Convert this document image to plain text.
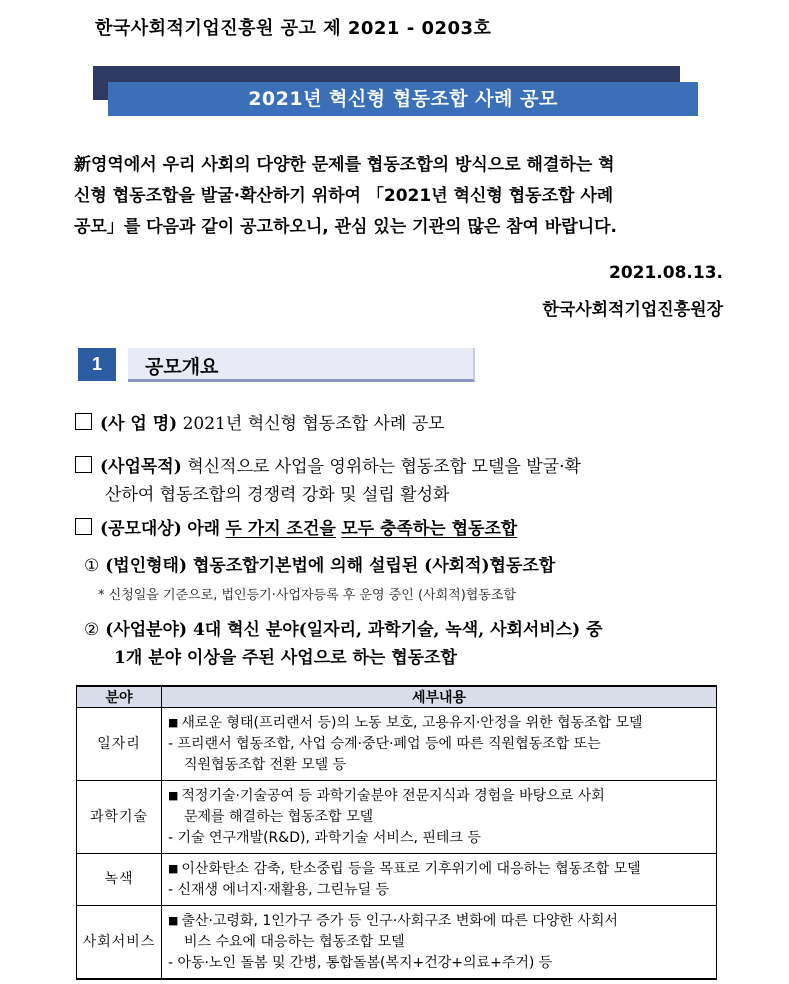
한국사회적기업진흥원 공고 제 2021 - 0203호
2021년 혁신형 협동조합 사례 공모

新영역에서 우리 사회의 다양한 문제를 협동조합의 방식으로 해결하는 혁

신형 협동조합을 발굴·확산하기 위하여 「2021년 혁신형 협동조합 사례

공모」를 다음과 같이 공고하오니, 관심 있는 기관의 많은 참여 바랍니다.

2021.08.13.
한국사회적기업진흥원장
1	공모개요
(사 업 명) 2021년 혁신형 협동조합 사례 공모
(사업목적) 혁신적으로 사업을 영위하는 협동조합 모델을 발굴·확
산하여 협동조합의 경쟁력 강화 및 설립 활성화
(공모대상) 아래 두 가지 조건을 모두 충족하는 협동조합
① (법인형태) 협동조합기본법에 의해 설립된 (사회적)협동조합
* 신청일을 기준으로, 법인등기·사업자등록 후 운영 중인 (사회적)협동조합
② (사업분야) 4대 혁신 분야(일자리, 과학기술, 녹색, 사회서비스) 중
1개 분야 이상을 주된 사업으로 하는 협동조합
분야	세부내용
일자리	■ 새로운 형태(프리랜서 등)의 노동 보호, 고용유지·안정을 위한 협동조합 모델
- 프리랜서 협동조합, 사업 승계·중단·폐업 등에 따른 직원협동조합 또는
직원협동조합 전환 모델 등

과학기술	■ 적정기술·기술공여 등 과학기술분야 전문지식과 경험을 바탕으로 사회
문제를 해결하는 협동조합 모델
- 기술 연구개발(R&D), 과학기술 서비스, 핀테크 등

녹색	■ 이산화탄소 감축, 탄소중립 등을 목표로 기후위기에 대응하는 협동조합 모델
- 신재생 에너지·재활용, 그린뉴딜 등

사회서비스	■ 출산·고령화, 1인가구 증가 등 인구·사회구조 변화에 따른 다양한 사회서
비스 수요에 대응하는 협동조합 모델
- 아동·노인 돌봄 및 간병, 통합돌봄(복지+건강+의료+주거) 등
